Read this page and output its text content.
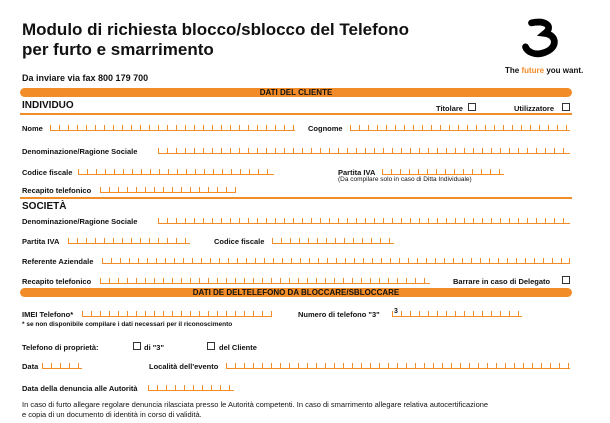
Modulo di richiesta blocco/sblocco del Telefono
per furto e smarrimento
Da inviare via fax 800 179 700
The future you want.
DATI DEL CLIENTE
INDIVIDUO	Titolare	Utilizzatore
Nome	Cognome
Denominazione/Ragione Sociale
Codice fiscale	Partita IVA
(Da compilare solo in caso di Ditta Individuale)
Recapito telefonico
SOCIETÀ
Denominazione/Ragione Sociale
Partita IVA	Codice fiscale
Referente Aziendale
Recapito telefonico	Barrare in caso di Delegato
DATI DE DELTELEFONO DA BLOCCARE/SBLOCCARE
IMEI Telefono*
* se non disponibile compilare i dati necessari per il riconoscimento
Numero di telefono "3" 3
Telefono di proprietà:	di "3"	del Cliente
Data	Località dell'evento
Data della denuncia alle Autorità
In caso di furto allegare regolare denuncia rilasciata presso le Autorità competenti. In caso di smarrimento allegare relativa autocertificazione
e copia di un documento di identità in corso di validità.
